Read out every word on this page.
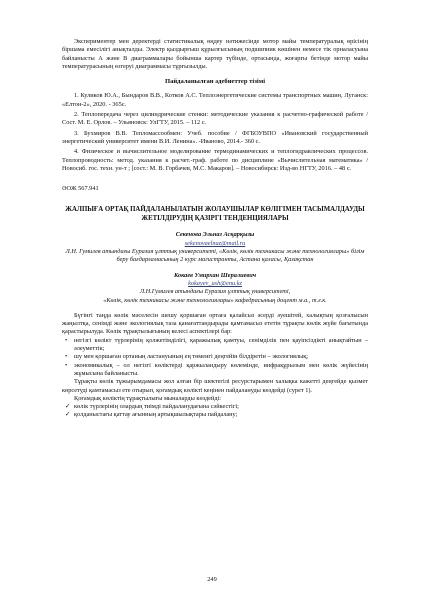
Экспериментер мен деректерді статистикалық өңдеу нәтижесінде мотор майы температуралық өрісінің біршама емесілігі анықталды. Электр қыздырғыш құрылғысының подшипник көшінен немесе тік орналасуына байланысты А және В диаграммалары бойынша картер түбінде, ортасында, жоғарғы бетінде мотор майы температурасының өзгеруі диаграммасы тұрғызылды.

Пайдаланылған әдебиеттер тізімі

1. Куликов Ю.А., Бындаров В.В., Котков А.С. Теплоэнергетические системы транспортных машин, Луганск: «Елтон-2», 2020. - 365с.

2. Теплопередача через цилиндрические стенки: методические указания к расчетно-графической работе / Сост. М. Е. Орлов. – Ульяновск: УлГТУ, 2015. – 112 с.

3. Бухмиров В.В. Тепломассообмен: Учеб. пособие / ФГБОУВПО «Ивановский государственный энергетический университет имени В.И. Ленина». -Иваново, 2014.- 360 с.

4. Физическое и вычислительное моделирование термодинамических и теплогидравлических процессов. Теплопроводность: метод. указания к расчет.-граф. работе по дисциплине «Вычислительная математика» / Новосиб. гос. техн. ун-т ; [сост.: М. В. Горбачев, М.С. Макаров]. – Новосибирск: Изд-во НГТУ, 2016. – 48 с.

ӘОЖ 567.941

ЖАЛПЫҒА ОРТАҚ ПАЙДАЛАНЫЛАТЫН ЖОЛАУШЫЛАР КӨЛІГІМЕН ТАСЫМАЛДАУДЫ ЖЕТІЛДІРУДІҢ ҚАЗІРГІ ТЕНДЕНЦИЯЛАРЫ

Секенова Эльназ Асқарқызы

sekenovaelnaz@mail.ru

Л.Н. Гумилев атындағы Еуразия ұлттық университеті, «Көлік, көлік техникасы және технологиялары» білім беру бағдарламасының 2 курс магистранты, Астана қаласы, Қазақстан

Кокаев Умирхан Шералиевич

kokayev_ush@enu.kz

Л.Н.Гумилев атындағы Еуразия ұлттық университеті,

«Көлік, көлік техникасы және технологиялары» кафедрасының доцент м.а., т.ғ.к.

Бүгінгі таңда көлік мәселесін шешу қоршаған ортаға қалайсыз әсерді әуешітей, халықтың қозғалысын жаңылтқа, сенімді және экологиялық таза қанағаттандырады қамтамасыз ететін тұрақты көлік жүйе бағытында қарастырылуда. Көлік тұрақтылығының келесі аспектілері бар:

• негізгі көлікт түрлерінің қолжетімділігі, қаражылық қамтуы, сенімділік пен қауіпсіздікті анықтайтын – әлеуметтік;
• шу мен қоршаған ортаның ластануының ең төменгі деңгейін білдіретін – экологиялық;
• экономикалық – ол негізгі көліктерді қаржыландыру көлемінде, инфрақұрылым мен көлік жүйесінің жұмысына байланысты.

Тұрақты көлік тұжырымдамасы жол алған бір шектегілі ресурстарымен халықка кажетті деңгейде қызмет көрсетуді қамтамасыз ете отырып, қоғамдық көлікті кеңінен пайдалануды көздейді (сурет 1).

Қоғамдық көліктің тұрақтылығы мыналарды көздейді:

✓ көлік түрлерінің олардың тиімді пайдаланудағына сәйкестігі;
✓ қолданыстағы қаттау ағынның артықшылықтары пайдалану;
249
